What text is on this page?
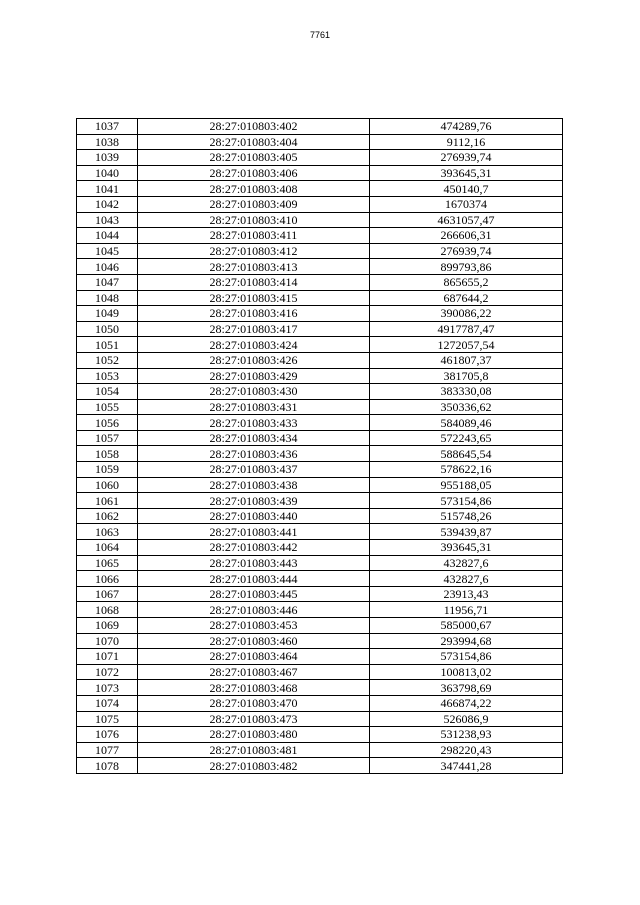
7761
1037	28:27:010803:402	474289,76
1038	28:27:010803:404	9112,16
1039	28:27:010803:405	276939,74
1040	28:27:010803:406	393645,31
1041	28:27:010803:408	450140,7
1042	28:27:010803:409	1670374
1043	28:27:010803:410	4631057,47
1044	28:27:010803:411	266606,31
1045	28:27:010803:412	276939,74
1046	28:27:010803:413	899793,86
1047	28:27:010803:414	865655,2
1048	28:27:010803:415	687644,2
1049	28:27:010803:416	390086,22
1050	28:27:010803:417	4917787,47
1051	28:27:010803:424	1272057,54
1052	28:27:010803:426	461807,37
1053	28:27:010803:429	381705,8
1054	28:27:010803:430	383330,08
1055	28:27:010803:431	350336,62
1056	28:27:010803:433	584089,46
1057	28:27:010803:434	572243,65
1058	28:27:010803:436	588645,54
1059	28:27:010803:437	578622,16
1060	28:27:010803:438	955188,05
1061	28:27:010803:439	573154,86
1062	28:27:010803:440	515748,26
1063	28:27:010803:441	539439,87
1064	28:27:010803:442	393645,31
1065	28:27:010803:443	432827,6
1066	28:27:010803:444	432827,6
1067	28:27:010803:445	23913,43
1068	28:27:010803:446	11956,71
1069	28:27:010803:453	585000,67
1070	28:27:010803:460	293994,68
1071	28:27:010803:464	573154,86
1072	28:27:010803:467	100813,02
1073	28:27:010803:468	363798,69
1074	28:27:010803:470	466874,22
1075	28:27:010803:473	526086,9
1076	28:27:010803:480	531238,93
1077	28:27:010803:481	298220,43
1078	28:27:010803:482	347441,28
